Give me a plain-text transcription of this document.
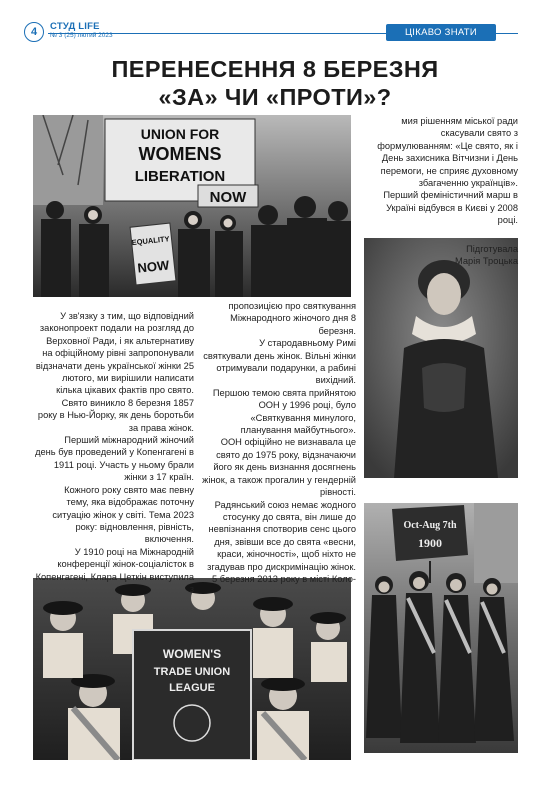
4	СТУД LIFE
№ 3 (25) лютий 2023	ЦІКАВО ЗНАТИ
ПЕРЕНЕСЕННЯ 8 БЕРЕЗНЯ
«ЗА» ЧИ «ПРОТИ»?
UNION FOR
WOMENS
LIBERATION
NOW
EQUALITY
NOW
Oct-Aug 7th
1900
WOMEN'S
TRADE UNION
LEAGUE

У зв'язку з тим, що відповідний законопроект подали на розгляд до Верховної Ради, і як альтернативу на офіційному рівні запропонували відзначати день української жінки 25 лютого, ми вирішили написати кілька цікавих фактів про свято.

Свято виникло 8 березня 1857 року в Нью-Йорку, як день боротьби за права жінок.

Перший міжнародний жіночий день був проведений у Копенгагені в 1911 році. Участь у ньому брали жінки з 17 країн.

Кожного року свято має певну тему, яка відображає поточну ситуацію жінок у світі. Тема 2023 року: відновлення, рівність, включення.

У 1910 році на Міжнародній конференції жінок-соціалісток в Копенгагені, Клара Цеткін виступила з

пропозицією про святкування Міжнародного жіночого дня 8 березня.

У стародавньому Римі святкували день жінок. Вільні жінки отримували подарунки, а рабині вихідний.

Першою темою свята прийнятою ООН у 1996 році, було «Святкування минулого, планування майбутнього».

ООН офіційно не визнавала це свято до 1975 року, відзначаючи його як день визнання досягнень жінок, а також прогалин у гендерній рівності.

Радянський союз немає жодного стосунку до свята, він лише до невпізнання спотворив сенс цього дня, звівши все до свята «весни, краси, жіночності», щоб ніхто не згадував про дискримінацію жінок.

5 березня 2013 року в місті Коло-

мия рішенням міської ради скасували свято з формулюванням: «Це свято, як і День захисника Вітчизни і День перемоги, не сприяє духовному збагаченню українців».

Перший феміністичний марш в Україні відбувся в Києві у 2008 році.

Підготувала
Марія Троцька
